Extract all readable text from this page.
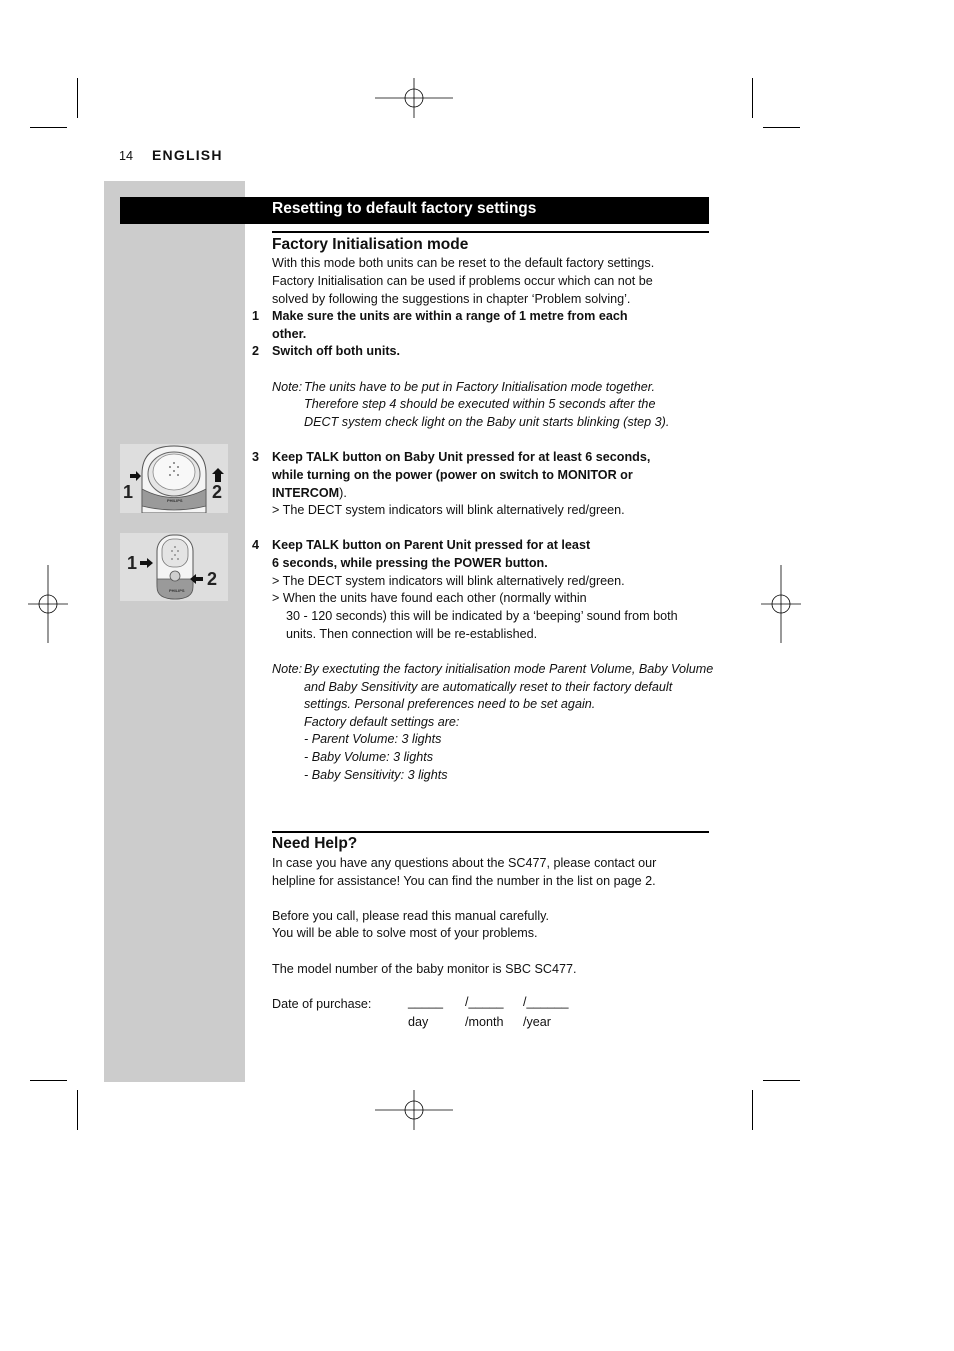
14 ENGLISH
Resetting to default factory settings
Factory Initialisation mode
With this mode both units can be reset to the default factory settings.
Factory Initialisation can be used if problems occur which can not be
solved by following the suggestions in chapter ‘Problem solving’.
1 Make sure the units are within a range of 1 metre from each
other.
2 Switch off both units.
Note: The units have to be put in Factory Initialisation mode together.
Therefore step 4 should be executed within 5 seconds after the
DECT system check light on the Baby unit starts blinking (step 3).
PHILIPS
1	2
3 Keep TALK button on Baby Unit pressed for at least 6 seconds,
while turning on the power (power on switch to MONITOR or
INTERCOM).
> The DECT system indicators will blink alternatively red/green.
PHILIPS
1
2
4 Keep TALK button on Parent Unit pressed for at least
6 seconds, while pressing the POWER button.
> The DECT system indicators will blink alternatively red/green.
> When the units have found each other (normally within
30 - 120 seconds) this will be indicated by a ‘beeping’ sound from both
units. Then connection will be re-established.
Note: By exectuting the factory initialisation mode Parent Volume, Baby Volume
and Baby Sensitivity are automatically reset to their factory default
settings. Personal preferences need to be set again.
Factory default settings are:
- Parent Volume: 3 lights
- Baby Volume: 3 lights
- Baby Sensitivity: 3 lights
Need Help?
In case you have any questions about the SC477, please contact our
helpline for assistance! You can find the number in the list on page 2.
Before you call, please read this manual carefully.
You will be able to solve most of your problems.
The model number of the baby monitor is SBC SC477.
Date of purchase:	_____ /_____ /______
day	/month /year
